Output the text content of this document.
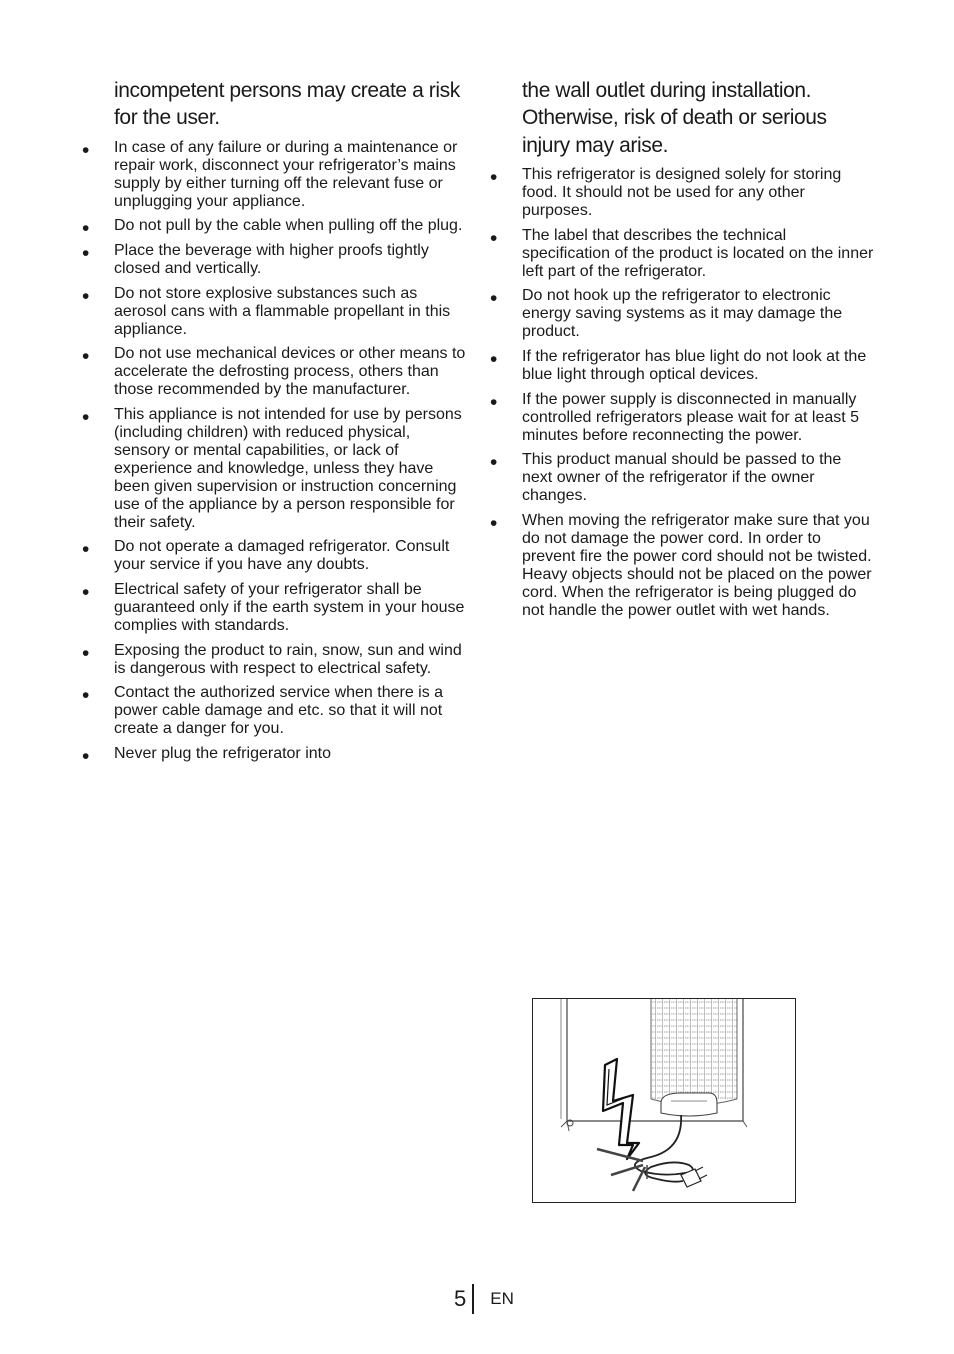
incompetent persons may create a risk for the user.

• In case of any failure or during a maintenance or repair work, disconnect your refrigerator’s mains supply by either turning off the relevant fuse or unplugging your appliance.
• Do not pull by the cable when pulling off the plug.
• Place the beverage with higher proofs tightly closed and vertically.
• Do not store explosive substances such as aerosol cans with a flammable propellant in this appliance.
• Do not use mechanical devices or other means to accelerate the defrosting process, others than those recommended by the manufacturer.
• This appliance is not intended for use by persons (including children) with reduced physical, sensory or mental capabilities, or lack of experience and knowledge, unless they have been given supervision or instruction concerning use of the appliance by a person responsible for their safety.
• Do not operate a damaged refrigerator. Consult your service if you have any doubts.
• Electrical safety of your refrigerator shall be guaranteed only if the earth system in your house complies with standards.
• Exposing the product to rain, snow, sun and wind is dangerous with respect to electrical safety.
• Contact the authorized service when there is a power cable damage and etc. so that it will not create a danger for you.
• Never plug the refrigerator into

the wall outlet during installation. Otherwise, risk of death or serious injury may arise.

• This refrigerator is designed solely for storing food. It should not be used for any other purposes.
• The label that describes the technical specification of the product is located on the inner left part of the refrigerator.
• Do not hook up the refrigerator to electronic energy saving systems as it may damage the product.
• If the refrigerator has blue light do not look at the blue light through optical devices.
• If the power supply is disconnected in manually controlled refrigerators please wait for at least 5 minutes before reconnecting the power.
• This product manual should be passed to the next owner of the refrigerator if the owner changes.
• When moving the refrigerator make sure that you do not damage the power cord. In order to prevent fire the power cord should not be twisted. Heavy objects should not be placed on the power cord. When the refrigerator is being plugged do not handle the power outlet with wet hands.
5 EN
